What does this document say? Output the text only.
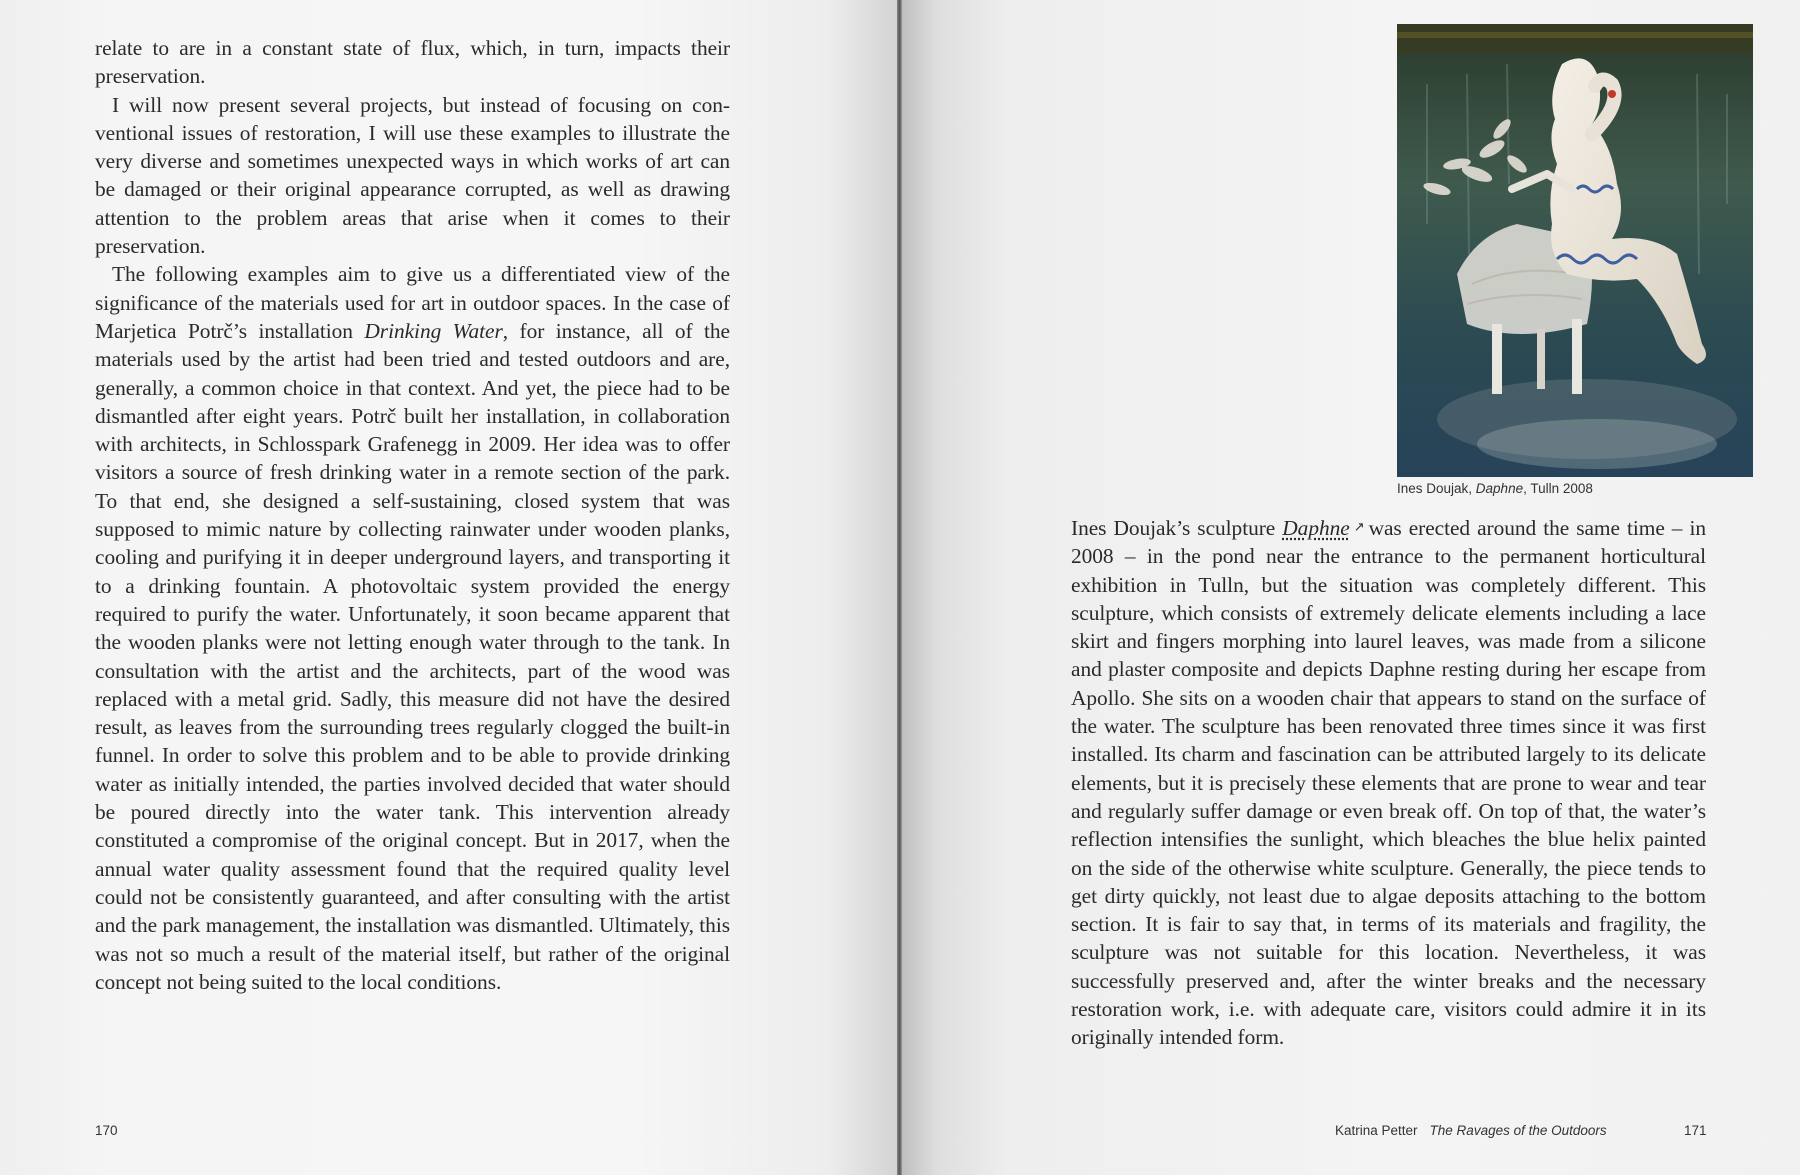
relate to are in a constant state of flux, which, in turn, impacts their preservation.

I will now present several projects, but instead of focusing on conventional issues of restoration, I will use these examples to illustrate the very diverse and sometimes unexpected ways in which works of art can be damaged or their original appearance corrupted, as well as drawing attention to the problem areas that arise when it comes to their preservation.

The following examples aim to give us a differentiated view of the significance of the materials used for art in outdoor spaces. In the case of Marjetica Potrč’s installation Drinking Water, for instance, all of the materials used by the artist had been tried and tested outdoors and are, generally, a common choice in that context. And yet, the piece had to be dismantled after eight years. Potrč built her installation, in collaboration with architects, in Schlosspark Grafenegg in 2009. Her idea was to offer visitors a source of fresh drinking water in a remote section of the park. To that end, she designed a self-sustaining, closed system that was supposed to mimic nature by collecting rainwater under wooden planks, cooling and purifying it in deeper underground layers, and transporting it to a drinking fountain. A photovoltaic system provided the energy required to purify the water. Unfortunately, it soon became apparent that the wooden planks were not letting enough water through to the tank. In consultation with the artist and the architects, part of the wood was replaced with a metal grid. Sadly, this measure did not have the desired result, as leaves from the surrounding trees regularly clogged the built-in funnel. In order to solve this problem and to be able to provide drinking water as initially intended, the parties involved decided that water should be poured directly into the water tank. This intervention already constituted a compromise of the original concept. But in 2017, when the annual water quality assessment found that the required quality level could not be consistently guaranteed, and after consulting with the artist and the park management, the installation was dismantled. Ultimately, this was not so much a result of the material itself, but rather of the original concept not being suited to the local conditions.

170
Ines Doujak, Daphne, Tulln 2008

Ines Doujak’s sculpture Daphne ↗ was erected around the same time – in 2008 – in the pond near the entrance to the permanent horticultural exhibition in Tulln, but the situation was completely different. This sculpture, which consists of extremely delicate elements including a lace skirt and fingers morphing into laurel leaves, was made from a silicone and plaster composite and depicts Daphne resting during her escape from Apollo. She sits on a wooden chair that appears to stand on the surface of the water. The sculpture has been renovated three times since it was first installed. Its charm and fascination can be attributed largely to its delicate elements, but it is precisely these elements that are prone to wear and tear and regularly suffer damage or even break off. On top of that, the water’s reflection intensifies the sunlight, which bleaches the blue helix painted on the side of the otherwise white sculpture. Generally, the piece tends to get dirty quickly, not least due to algae deposits attaching to the bottom section. It is fair to say that, in terms of its materials and fragility, the sculpture was not suitable for this location. Nevertheless, it was successfully preserved and, after the winter breaks and the necessary restoration work, i.e. with adequate care, visitors could admire it in its originally intended form.

Katrina Petter The Ravages of the Outdoors	171
